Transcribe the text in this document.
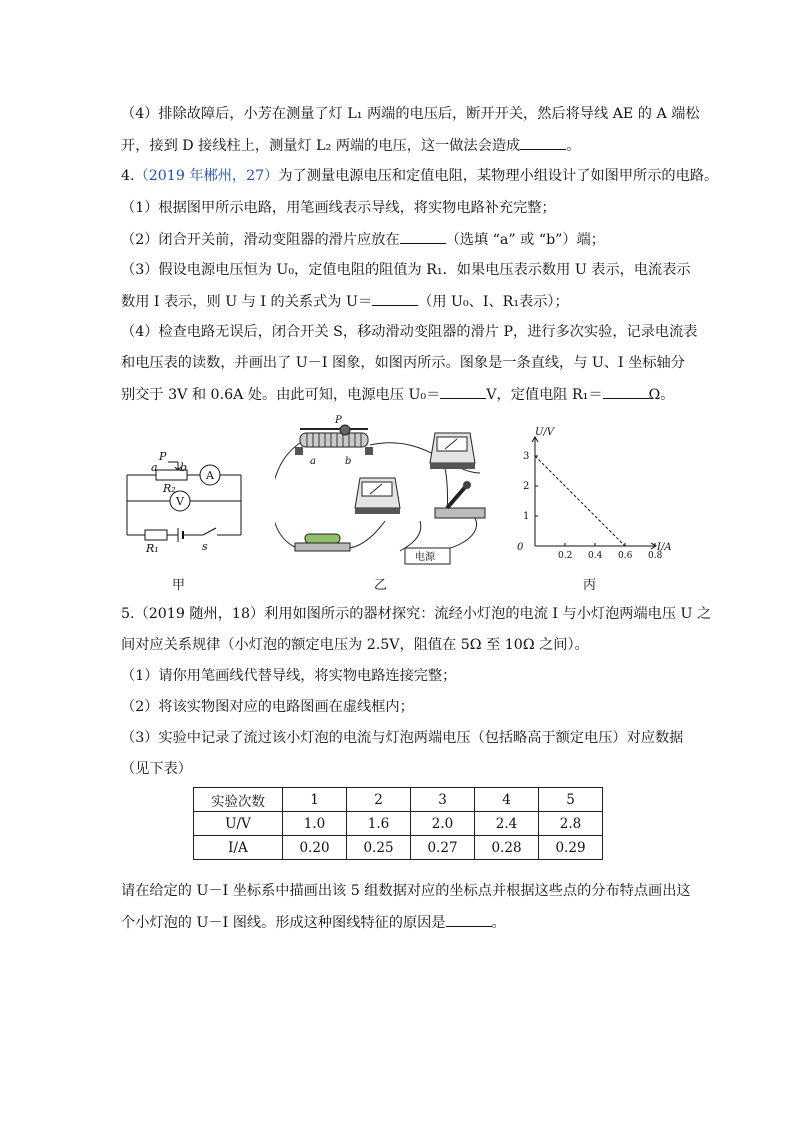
（4）排除故障后，小芳在测量了灯 L₁ 两端的电压后，断开开关，然后将导线 AE 的 A 端松
开，接到 D 接线柱上，测量灯 L₂ 两端的电压，这一做法会造成	。
4.（2019 年郴州，27）为了测量电源电压和定值电阻，某物理小组设计了如图甲所示的电路。
（1）根据图甲所示电路，用笔画线表示导线，将实物电路补充完整；
（2）闭合开关前，滑动变阻器的滑片应放在	（选填 “a” 或 “b”）端；
（3）假设电源电压恒为 U₀，定值电阻的阻值为 R₁．如果电压表示数用 U 表示，电流表示
数用 I 表示，则 U 与 I 的关系式为 U＝	（用 U₀、I、R₁表示）；
（4）检查电路无误后，闭合开关 S，移动滑动变阻器的滑片 P，进行多次实验，记录电流表
和电压表的读数，并画出了 U－I 图象，如图丙所示。图象是一条直线，与 U、I 坐标轴分
别交于 3V 和 0.6A 处。由此可知，电源电压 U₀＝	V，定值电阻 R₁＝	Ω。
P
a b
R₂
A
V
R₁	s
P
a	b
电源	0.2 0.4 0.6 0.8
1
2
3
U/V
I/A
0
甲	乙	丙
5.（2019 随州，18）利用如图所示的器材探究：流经小灯泡的电流 I 与小灯泡两端电压 U 之
间对应关系规律（小灯泡的额定电压为 2.5V，阻值在 5Ω 至 10Ω 之间）。
（1）请你用笔画线代替导线，将实物电路连接完整；
（2）将该实物图对应的电路图画在虚线框内；
（3）实验中记录了流过该小灯泡的电流与灯泡两端电压（包括略高于额定电压）对应数据
（见下表）
实验次数	1	2	3	4	5
U/V	1.0	1.6	2.0	2.4	2.8
I/A	0.20	0.25	0.27	0.28	0.29
请在给定的 U－I 坐标系中描画出该 5 组数据对应的坐标点并根据这些点的分布特点画出这
个小灯泡的 U－I 图线。形成这种图线特征的原因是	。
